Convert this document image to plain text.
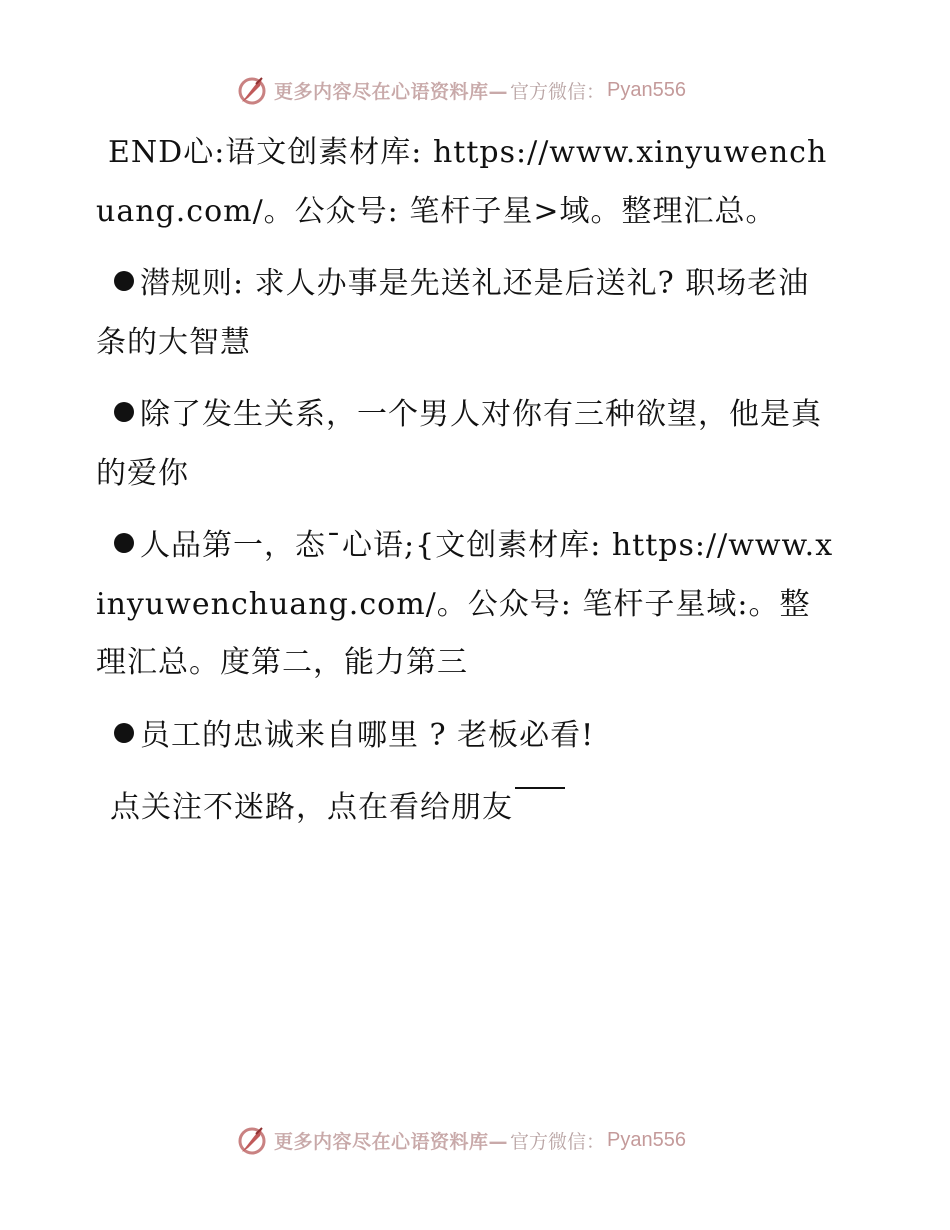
更多内容尽在心语资料库— 官方微信： Pyan556

END心:语文创素材库: https://www.xinyuwenchuang.com/。公众号: 笔杆子星>域。整理汇总。

潜规则: 求人办事是先送礼还是后送礼? 职场老油条的大智慧

除了发生关系，一个男人对你有三种欲望，他是真的爱你

人品第一，态¯心语;{文创素材库: https://www.xinyuwenchuang.com/。公众号: 笔杆子星域:。整理汇总。度第二，能力第三

员工的忠诚来自哪里 ? 老板必看!

点关注不迷路，点在看给朋友

更多内容尽在心语资料库— 官方微信： Pyan556
